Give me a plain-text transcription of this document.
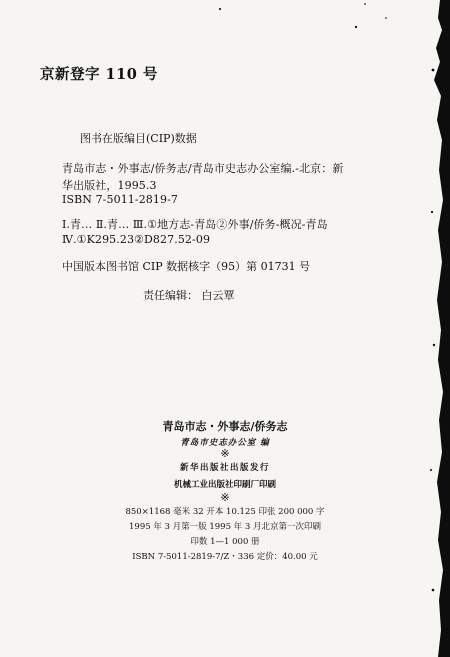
京新登字 110 号
图书在版编目(CIP)数据
青岛市志・外事志/侨务志/青岛市史志办公室编.-北京：新
华出版社，1995.3
ISBN 7-5011-2819-7
Ⅰ.青… Ⅱ.青… Ⅲ.①地方志-青岛②外事/侨务-概况-青岛
Ⅳ.①K295.23②D827.52-09
中国版本图书馆 CIP 数据核字（95）第 01731 号
责任编辑： 白云覃
青岛市志・外事志/侨务志
青岛市史志办公室 编
※
新华出版社出版发行
机械工业出版社印刷厂印刷
※
850×1168 毫米 32 开本 10.125 印张 200 000 字
1995 年 3 月第一版 1995 年 3 月北京第一次印刷
印数 1—1 000 册
ISBN 7-5011-2819-7/Z・336 定价：40.00 元
